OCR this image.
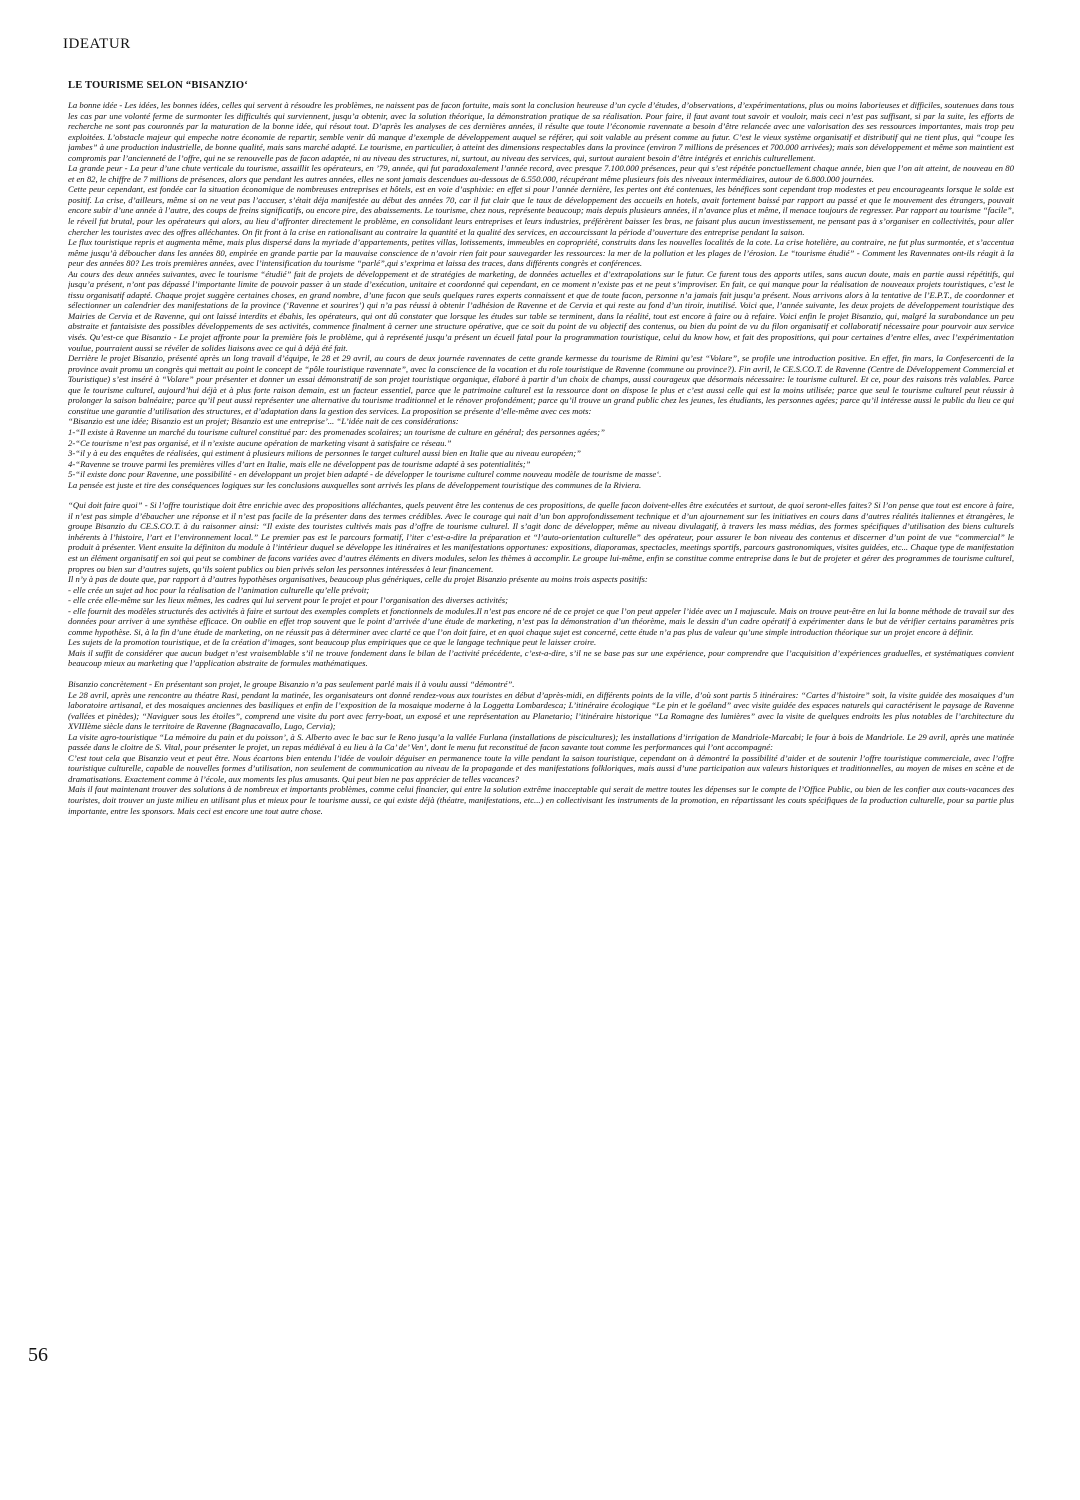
IDEATUR
LE TOURISME SELON “BISANZIO‘

La bonne idée - Les idées, les bonnes idées, celles qui servent à résoudre les problèmes, ne naissent pas de facon fortuite, mais sont la conclusion heureuse d’un cycle d’études, d’observations, d’expérimentations, plus ou moins laborieuses et difficiles, soutenues dans tous les cas par une volonté ferme de surmonter les difficultés qui surviennent, jusqu’a obtenir, avec la solution théorique, la démonstration pratique de sa réalisation. Pour faire, il faut avant tout savoir et vouloir, mais ceci n’est pas suffisant, si par la suite, les efforts de recherche ne sont pas couronnés par la maturation de la bonne idée, qui résout tout. D’après les analyses de ces dernières années, il résulte que toute l’économie ravennate a besoin d’être relancée avec une valorisation des ses ressources importantes, mais trop peu exploitées. L’obstacle majeur qui empeche notre économie de repartir, semble venir dû manque d’exemple de développement auquel se référer, qui soit valable au présent comme au futur. C’est le vieux système organisatif et distributif qui ne tient plus, qui “coupe les jambes” à une production industrielle, de bonne qualité, mais sans marché adapté. Le tourisme, en particulier, à atteint des dimensions respectables dans la province (environ 7 millions de présences et 700.000 arrivées); mais son développement et même son maintient est compromis par l’ancienneté de l’offre, qui ne se renouvelle pas de facon adaptée, ni au niveau des structures, ni, surtout, au niveau des services, qui, surtout auraient besoin d’être intégrés et enrichis culturellement.

La grande peur - La peur d’une chute verticale du tourisme, assaillit les opérateurs, en ’79, année, qui fut paradoxalement l’année record, avec presque 7.100.000 présences, peur qui s’est répétée ponctuellement chaque année, bien que l’on ait atteint, de nouveau en 80 et en 82, le chiffre de 7 millions de présences, alors que pendant les autres années, elles ne sont jamais descendues au-dessous de 6.550.000, récupérant même plusieurs fois des niveaux intermédiaires, autour de 6.800.000 journées.

Cette peur cependant, est fondée car la situation économique de nombreuses entreprises et hôtels, est en voie d’asphixie: en effet si pour l’année dernière, les pertes ont été contenues, les bénéfices sont cependant trop modestes et peu encourageants lorsque le solde est positif. La crise, d’ailleurs, même si on ne veut pas l’accuser, s’était déja manifestée au début des années 70, car il fut clair que le taux de développement des accueils en hotels, avait fortement baissé par rapport au passé et que le mouvement des étrangers, pouvait encore subir d’une année à l’autre, des coups de freins significatifs, ou encore pire, des abaissements. Le tourisme, chez nous, représente beaucoup; mais depuis plusieurs années, il n’avance plus et même, il menace toujours de regresser. Par rapport au tourisme “facile”, le réveil fut brutal, pour les opérateurs qui alors, au lieu d’affronter directement le problème, en consolidant leurs entreprises et leurs industries, préférèrent baisser les bras, ne faisant plus aucun investissement, ne pensant pas à s’organiser en collectivités, pour aller chercher les touristes avec des offres alléchantes. On fit front à la crise en rationalisant au contraire la quantité et la qualité des services, en accourcissant la période d’ouverture des entreprise pendant la saison.

Le flux touristique repris et augmenta même, mais plus dispersé dans la myriade d’appartements, petites villas, lotissements, immeubles en copropriété, construits dans les nouvelles localités de la cote. La crise hotelière, au contraire, ne fut plus surmontée, et s’accentua même jusqu’à déboucher dans les années 80, empirée en grande partie par la mauvaise conscience de n’avoir rien fait pour sauvegarder les ressources: la mer de la pollution et les plages de l’érosion. Le “tourisme étudié” - Comment les Ravennates ont-ils réagit à la peur des années 80? Les trois premières années, avec l’intensification du tourisme “parlé”,qui s’exprima et laissa des traces, dans différents congrès et conférences.

Au cours des deux années suivantes, avec le tourisme “étudié” fait de projets de développement et de stratégies de marketing, de données actuelles et d’extrapolations sur le futur. Ce furent tous des apports utiles, sans aucun doute, mais en partie aussi répétitifs, qui jusqu’a présent, n’ont pas dépassé l’importante limite de pouvoir passer à un stade d’exécution, unitaire et coordonné qui cependant, en ce moment n’existe pas et ne peut s’improviser. En fait, ce qui manque pour la réalisation de nouveaux projets touristiques, c’est le tissu organisatif adapté. Chaque projet suggère certaines choses, en grand nombre, d’une facon que seuls quelques rares experts connaissent et que de toute facon, personne n’a jamais fait jusqu’a présent. Nous arrivons alors à la tentative de l’E.P.T., de coordonner et sélectionner un calendrier des manifestations de la province (‘Ravenne et sourires’) qui n’a pas réussi à obtenir l’adhésion de Ravenne et de Cervia et qui reste au fond d’un tiroir, inutilisé. Voici que, l’année suivante, les deux projets de développement touristique des Mairies de Cervia et de Ravenne, qui ont laissé interdits et ébahis, les opérateurs, qui ont dû constater que lorsque les études sur table se terminent, dans la réalité, tout est encore à faire ou à refaire. Voici enfin le projet Bisanzio, qui, malgré la surabondance un peu abstraite et fantaisiste des possibles développements de ses activités, commence finalment à cerner une structure opérative, que ce soit du point de vu objectif des contenus, ou bien du point de vu du filon organisatif et collaboratif nécessaire pour pourvoir aux service visés. Qu’est-ce que Bisanzio - Le projet affronte pour la première fois le problème, qui à représenté jusqu’a présent un écueil fatal pour la programmation touristique, celui du know how, et fait des propositions, qui pour certaines d’entre elles, avec l’expérimentation voulue, pourraient aussi se révéler de solides liaisons avec ce qui à déjà été fait.

Derrière le projet Bisanzio, présenté après un long travail d’équipe, le 28 et 29 avril, au cours de deux journée ravennates de cette grande kermesse du tourisme de Rimini qu’est “Volare”, se profile une introduction positive. En effet, fin mars, la Confesercenti de la province avait promu un congrès qui mettait au point le concept de “pôle touristique ravennate”, avec la conscience de la vocation et du role touristique de Ravenne (commune ou province?). Fin avril, le CE.S.CO.T. de Ravenne (Centre de Développement Commercial et Touristique) s’est inséré à “Volare” pour présenter et donner un essai démonstratif de son projet touristique organique, élaboré à partir d’un choix de champs, aussi courageux que désormais nécessaire: le tourisme culturel. Et ce, pour des raisons très valables. Parce que le tourisme culturel, aujourd’hui déjà et à plus forte raison demain, est un facteur essentiel, parce que le patrimoine culturel est la ressource dont on dispose le plus et c’est aussi celle qui est la moins utilisée; parce que seul le tourisme culturel peut réussir à prolonger la saison balnéaire; parce qu’il peut aussi représenter une alternative du tourisme traditionnel et le rénover profondément; parce qu’il trouve un grand public chez les jeunes, les étudiants, les personnes agées; parce qu’il intéresse aussi le public du lieu ce qui constitue une garantie d’utilisation des structures, et d’adaptation dans la gestion des services. La proposition se présente d’elle-même avec ces mots:

“Bisanzio est une idée; Bisanzio est un projet; Bisanzio est une entreprise’... “L’idée nait de ces considérations:

1-“Il existe à Ravenne un marché du tourisme culturel constitué par: des promenades scolaires; un tourisme de culture en général; des personnes agées;”

2-“Ce tourisme n’est pas organisé, et il n’existe aucune opération de marketing visant à satisfaire ce réseau.”

3-“il y à eu des enquêtes de réalisées, qui estiment à plusieurs milions de personnes le target culturel aussi bien en Italie que au niveau européen;”

4-“Ravenne se trouve parmi les premières villes d’art en Italie, mais elle ne développent pas de tourisme adapté à ses potentialités;”

5-“il existe donc pour Ravenne, une possibilité - en développant un projet bien adapté - de développer le tourisme culturel comme nouveau modèle de tourisme de masse‘.

La pensée est juste et tire des conséquences logiques sur les conclusions auxquelles sont arrivés les plans de développement touristique des communes de la Riviera.

“Qui doit faire quoi” - Si l’offre touristique doit être enrichie avec des propositions alléchantes, quels peuvent être les contenus de ces propositions, de quelle facon doivent-elles être exécutées et surtout, de quoi seront-elles faites? Si l’on pense que tout est encore à faire, il n’est pas simple d’ébaucher une réponse et il n’est pas facile de la présenter dans des termes crédibles. Avec le courage qui nait d’un bon approfondissement technique et d’un ajournement sur les initiatives en cours dans d’autres réalités italiennes et étrangères, le groupe Bisanzio du CE.S.CO.T. à du raisonner ainsi: “Il existe des touristes cultivés mais pas d’offre de tourisme culturel. Il s’agit donc de développer, même au niveau divulagatif, à travers les mass médias, des formes spécifiques d’utilisation des biens culturels inhérents à l’histoire, l’art et l’environnement local.” Le premier pas est le parcours formatif, l’iter c’est-a-dire la préparation et “l’auto-orientation culturelle” des opérateur, pour assurer le bon niveau des contenus et discerner d’un point de vue “commercial” le produit à présenter. Vient ensuite la définiton du module à l’intérieur duquel se développe les itinéraires et les manifestations opportunes: expositions, diaporamas, spectacles, meetings sportifs, parcours gastronomiques, visites guidées, etc... Chaque type de manifestation est un élément organisatif en soi qui peut se combiner de facons variées avec d’autres éléments en divers modules, selon les thèmes à accomplir. Le groupe lui-même, enfin se constitue comme entreprise dans le but de projeter et gérer des programmes de tourisme culturel, propres ou bien sur d’autres sujets, qu’ils soient publics ou bien privés selon les personnes intéressées à leur financement.

Il n’y à pas de doute que, par rapport à d’autres hypothèses organisatives, beaucoup plus génériques, celle du projet Bisanzio présente au moins trois aspects positifs:

- elle crée un sujet ad hoc pour la réalisation de l’animation culturelle qu’elle prévoit;

- elle crée elle-même sur les lieux mêmes, les cadres qui lui servent pour le projet et pour l’organisation des diverses activités;

- elle fournit des modèles structurés des activités à faire et surtout des exemples complets et fonctionnels de modules.Il n’est pas encore né de ce projet ce que l’on peut appeler l’idée avec un I majuscule. Mais on trouve peut-être en lui la bonne méthode de travail sur des données pour arriver à une synthèse efficace. On oublie en effet trop souvent que le point d’arrivée d’une étude de marketing, n’est pas la démonstration d’un théorème, mais le dessin d’un cadre opératif à expérimenter dans le but de vérifier certains paramètres pris comme hypothèse. Si, à la fin d’une étude de marketing, on ne réussit pas à déterminer avec clarté ce que l’on doit faire, et en quoi chaque sujet est concerné, cette étude n’a pas plus de valeur qu’une simple introduction théorique sur un projet encore à définir.

Les sujets de la promotion touristique, et de la création d’images, sont beaucoup plus empiriques que ce que le langage technique peut le laisser croire.

Mais il suffit de considérer que aucun budget n’est vraisemblable s’il ne trouve fondement dans le bilan de l’activité précédente, c’est-a-dire, s’il ne se base pas sur une expérience, pour comprendre que l’acquisition d’expériences graduelles, et systématiques convient beaucoup mieux au marketing que l’application abstraite de formules mathématiques.

Bisanzio concrètement - En présentant son projet, le groupe Bisanzio n’a pas seulement parlé mais il à voulu aussi “démontré”.

Le 28 avril, après une rencontre au théatre Rasi, pendant la matinée, les organisateurs ont donné rendez-vous aux touristes en début d’après-midi, en différents points de la ville, d’où sont partis 5 itinéraires: “Cartes d’histoire” soit, la visite guidée des mosaiques d’un laboratoire artisanal, et des mosaiques anciennes des basiliques et enfin de l’exposition de la mosaique moderne à la Loggetta Lombardesca; L’itinéraire écologique “Le pin et le goéland” avec visite guidée des espaces naturels qui caractérisent le paysage de Ravenne (vallées et pinèdes); “Naviguer sous les étoiles”, comprend une visite du port avec ferry-boat, un exposé et une représentation au Planetario; l’itinéraire historique “La Romagne des lumières” avec la visite de quelques endroits les plus notables de l’architecture du XVIIIème siècle dans le territoire de Ravenne (Bagnacavallo, Lugo, Cervia);

La visite agro-touristique “La mémoire du pain et du poisson’, à S. Alberto avec le bac sur le Reno jusqu’a la vallée Furlana (installations de piscicultures); les installations d’irrigation de Mandriole-Marcabi; le four à bois de Mandriole. Le 29 avril, après une matinée passée dans le cloitre de S. Vital, pour présenter le projet, un repas médiéval à eu lieu à la Ca’ de’ Ven’, dont le menu fut reconstitué de facon savante tout comme les performances qui l’ont accompagné:

C’est tout cela que Bisanzio veut et peut être. Nous écartons bien entendu l’idée de vouloir déguiser en permanence toute la ville pendant la saison touristique, cependant on à démontré la possibilité d’aider et de soutenir l’offre touristique commerciale, avec l’offre touristique culturelle, capable de nouvelles formes d’utilisation, non seulement de communication au niveau de la propagande et des manifestations folkloriques, mais aussi d’une participation aux valeurs historiques et traditionnelles, au moyen de mises en scène et de dramatisations. Exactement comme à l’école, aux moments les plus amusants. Qui peut bien ne pas apprécier de telles vacances?

Mais il faut maintenant trouver des solutions à de nombreux et importants problèmes, comme celui financier, qui entre la solution extrême inacceptable qui serait de mettre toutes les dépenses sur le compte de l’Office Public, ou bien de les confier aux couts-vacances des touristes, doit trouver un juste milieu en utilisant plus et mieux pour le tourisme aussi, ce qui existe déjà (théatre, manifestations, etc...) en collectivisant les instruments de la promotion, en répartissant les couts spécifiques de la production culturelle, pour sa partie plus importante, entre les sponsors. Mais ceci est encore une tout autre chose.

56
